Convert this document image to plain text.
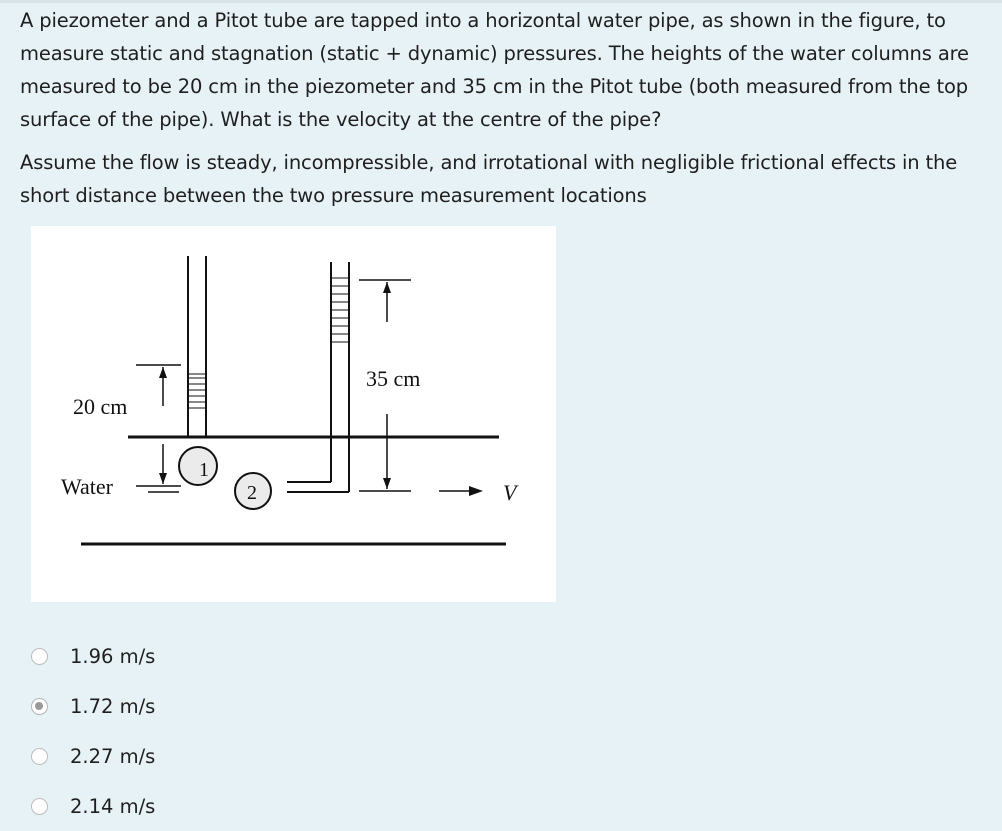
A piezometer and a Pitot tube are tapped into a horizontal water pipe, as shown in the figure, to measure static and stagnation (static + dynamic) pressures. The heights of the water columns are measured to be 20 cm in the piezometer and 35 cm in the Pitot tube (both measured from the top surface of the pipe). What is the velocity at the centre of the pipe?

Assume the flow is steady, incompressible, and irrotational with negligible frictional effects in the short distance between the two pressure measurement locations

20 cm
35 cm
Water
1
2	V
1.96 m/s
1.72 m/s
2.27 m/s
2.14 m/s
